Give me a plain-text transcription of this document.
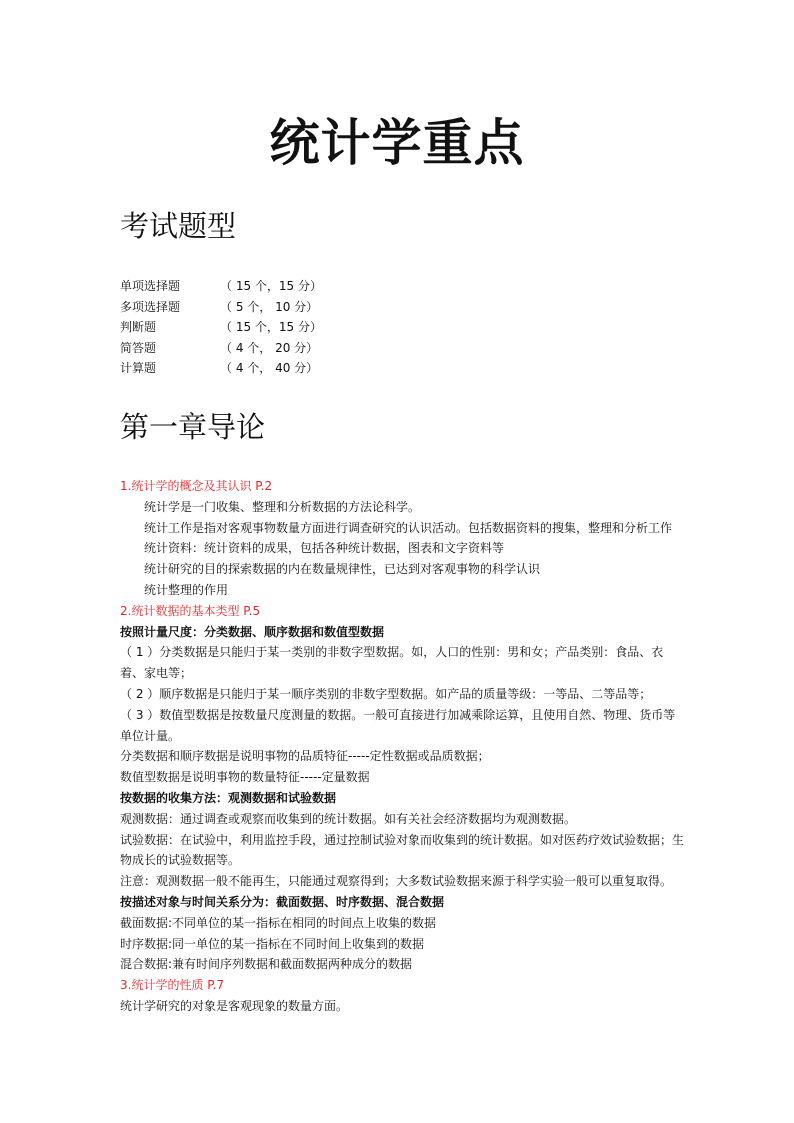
统计学重点
考试题型
单项选择题	（ 15 个，15 分）
多项选择题	（ 5 个， 10 分）
判断题	（ 15 个，15 分）
简答题	（ 4 个， 20 分）
计算题	（ 4 个， 40 分）
第一章导论
1.统计学的概念及其认识 P.2
统计学是一门收集、整理和分析数据的方法论科学。
统计工作是指对客观事物数量方面进行调查研究的认识活动。包括数据资料的搜集，整理和分析工作
统计资料：统计资料的成果，包括各种统计数据，图表和文字资料等
统计研究的目的探索数据的内在数量规律性，已达到对客观事物的科学认识
统计整理的作用
2.统计数据的基本类型 P.5
按照计量尺度：分类数据、顺序数据和数值型数据
（ 1 ）分类数据是只能归于某一类别的非数字型数据。如，人口的性别：男和女；产品类别：食品、衣着、家电等；
（ 2 ）顺序数据是只能归于某一顺序类别的非数字型数据。如产品的质量等级：一等品、二等品等；
（ 3 ）数值型数据是按数量尺度测量的数据。一般可直接进行加减乘除运算，且使用自然、物理、货币等单位计量。
分类数据和顺序数据是说明事物的品质特征-----定性数据或品质数据；
数值型数据是说明事物的数量特征-----定量数据
按数据的收集方法：观测数据和试验数据
观测数据：通过调查或观察而收集到的统计数据。如有关社会经济数据均为观测数据。
试验数据：在试验中，利用监控手段，通过控制试验对象而收集到的统计数据。如对医药疗效试验数据；生物成长的试验数据等。
注意：观测数据一般不能再生，只能通过观察得到；大多数试验数据来源于科学实验一般可以重复取得。
按描述对象与时间关系分为：截面数据、时序数据、混合数据
截面数据:不同单位的某一指标在相同的时间点上收集的数据
时序数据:同一单位的某一指标在不同时间上收集到的数据
混合数据:兼有时间序列数据和截面数据两种成分的数据
3.统计学的性质 P.7
统计学研究的对象是客观现象的数量方面。
